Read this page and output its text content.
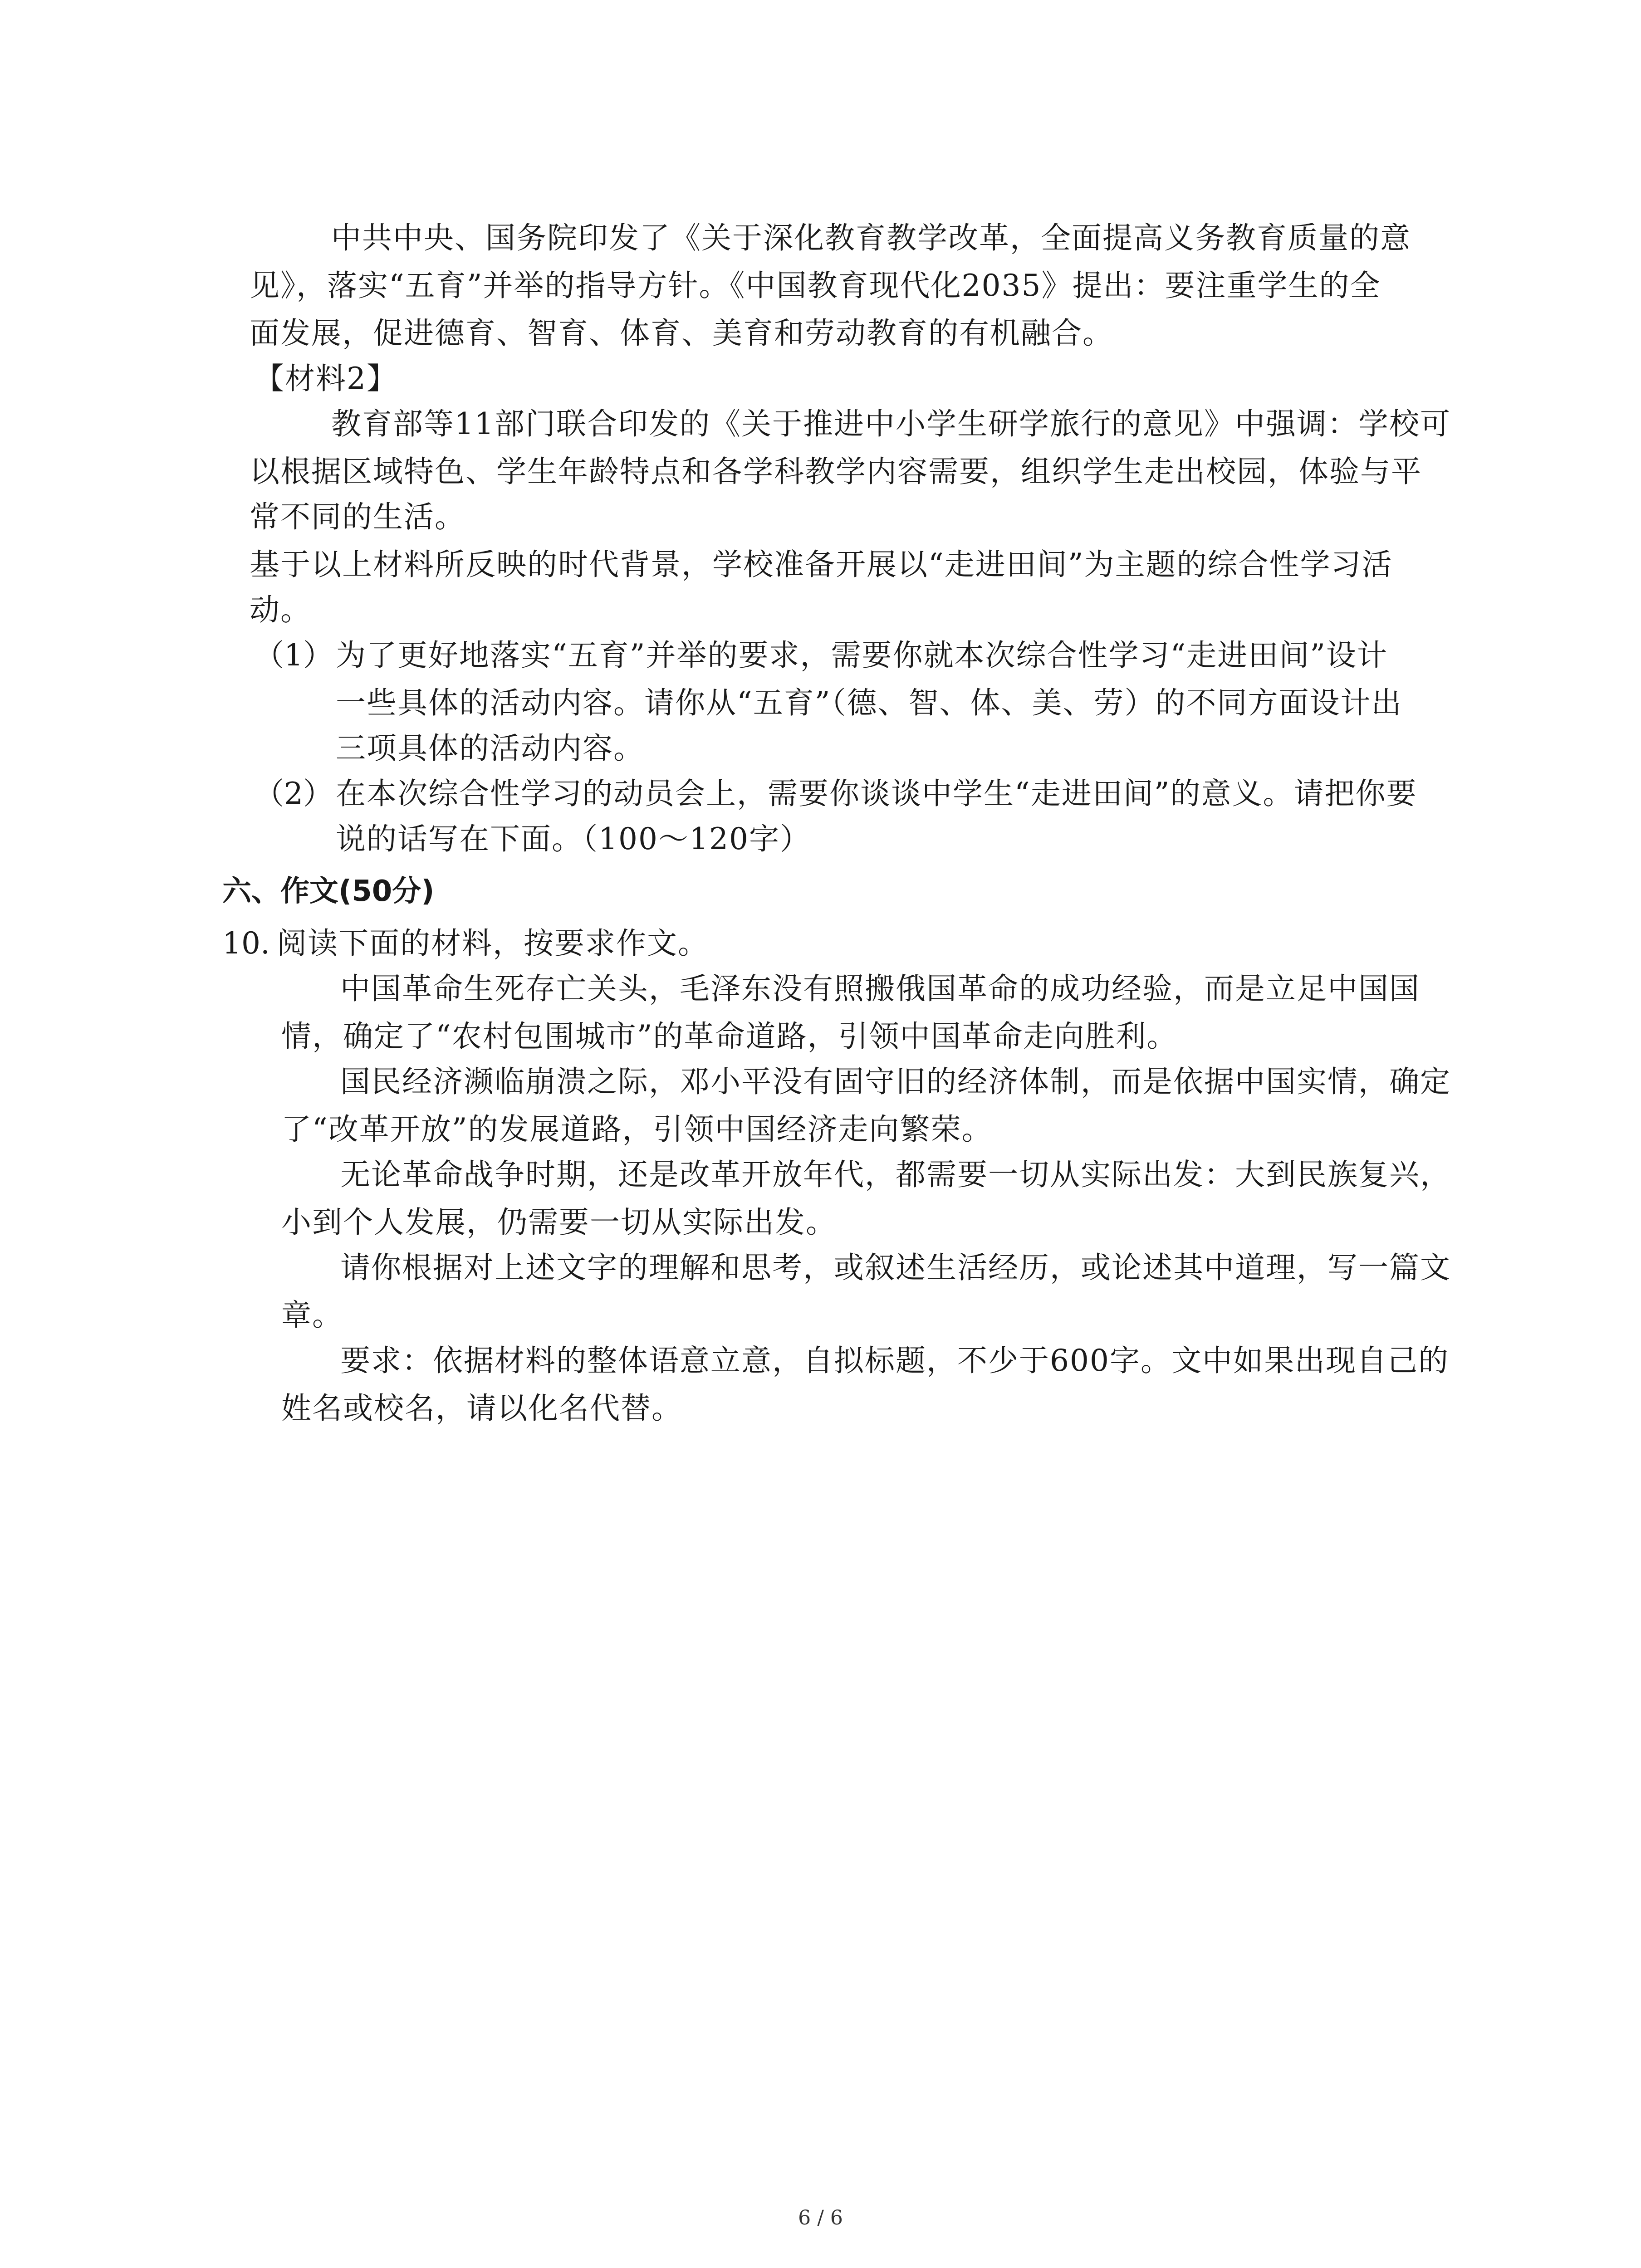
中共中央、国务院印发了《关于深化教育教学改革，全面提高义务教育质量的意
见》，落实“五育”并举的指导方针。《中国教育现代化2035》提出：要注重学生的全
面发展，促进德育、智育、体育、美育和劳动教育的有机融合。
【材料2】
教育部等11部门联合印发的《关于推进中小学生研学旅行的意见》中强调：学校可
以根据区域特色、学生年龄特点和各学科教学内容需要，组织学生走出校园，体验与平
常不同的生活。
基于以上材料所反映的时代背景，学校准备开展以“走进田间”为主题的综合性学习活
动。
（1） 为了更好地落实“五育”并举的要求，需要你就本次综合性学习“走进田间”设计
一些具体的活动内容。请你从“五育”（德、智、体、美、劳）的不同方面设计出
三项具体的活动内容。
（2） 在本次综合性学习的动员会上，需要你谈谈中学生“走进田间”的意义。请把你要
说的话写在下面。（100～120字）
六、作文(50分)
10. 阅读下面的材料，按要求作文。
中国革命生死存亡关头，毛泽东没有照搬俄国革命的成功经验，而是立足中国国
情，确定了“农村包围城市”的革命道路，引领中国革命走向胜利。
国民经济濒临崩溃之际，邓小平没有固守旧的经济体制，而是依据中国实情，确定
了“改革开放”的发展道路，引领中国经济走向繁荣。
无论革命战争时期，还是改革开放年代，都需要一切从实际出发：大到民族复兴，
小到个人发展，仍需要一切从实际出发。
请你根据对上述文字的理解和思考，或叙述生活经历，或论述其中道理，写一篇文
章。
要求：依据材料的整体语意立意，自拟标题，不少于600字。文中如果出现自己的
姓名或校名，请以化名代替。
6 / 6
